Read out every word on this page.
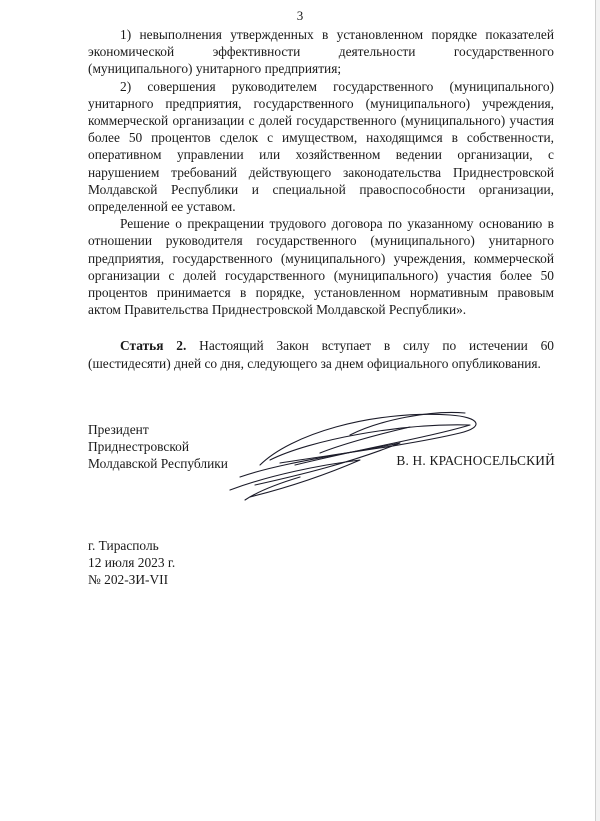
3

1) невыполнения утвержденных в установленном порядке показателей экономической эффективности деятельности государственного (муниципального) унитарного предприятия;

2) совершения руководителем государственного (муниципального) унитарного предприятия, государственного (муниципального) учреждения, коммерческой организации с долей государственного (муниципального) участия более 50 процентов сделок с имуществом, находящимся в собственности, оперативном управлении или хозяйственном ведении организации, с нарушением требований действующего законодательства Приднестровской Молдавской Республики и специальной правоспособности организации, определенной ее уставом.

Решение о прекращении трудового договора по указанному основанию в отношении руководителя государственного (муниципального) унитарного предприятия, государственного (муниципального) учреждения, коммерческой организации с долей государственного (муниципального) участия более 50 процентов принимается в порядке, установленном нормативным правовым актом Правительства Приднестровской Молдавской Республики».

Статья 2. Настоящий Закон вступает в силу по истечении 60 (шестидесяти) дней со дня, следующего за днем официального опубликования.

Президент
Приднестровской
Молдавской Республики	В. Н. КРАСНОСЕЛЬСКИЙ
г. Тирасполь
12 июля 2023 г.
№ 202-ЗИ-VII
